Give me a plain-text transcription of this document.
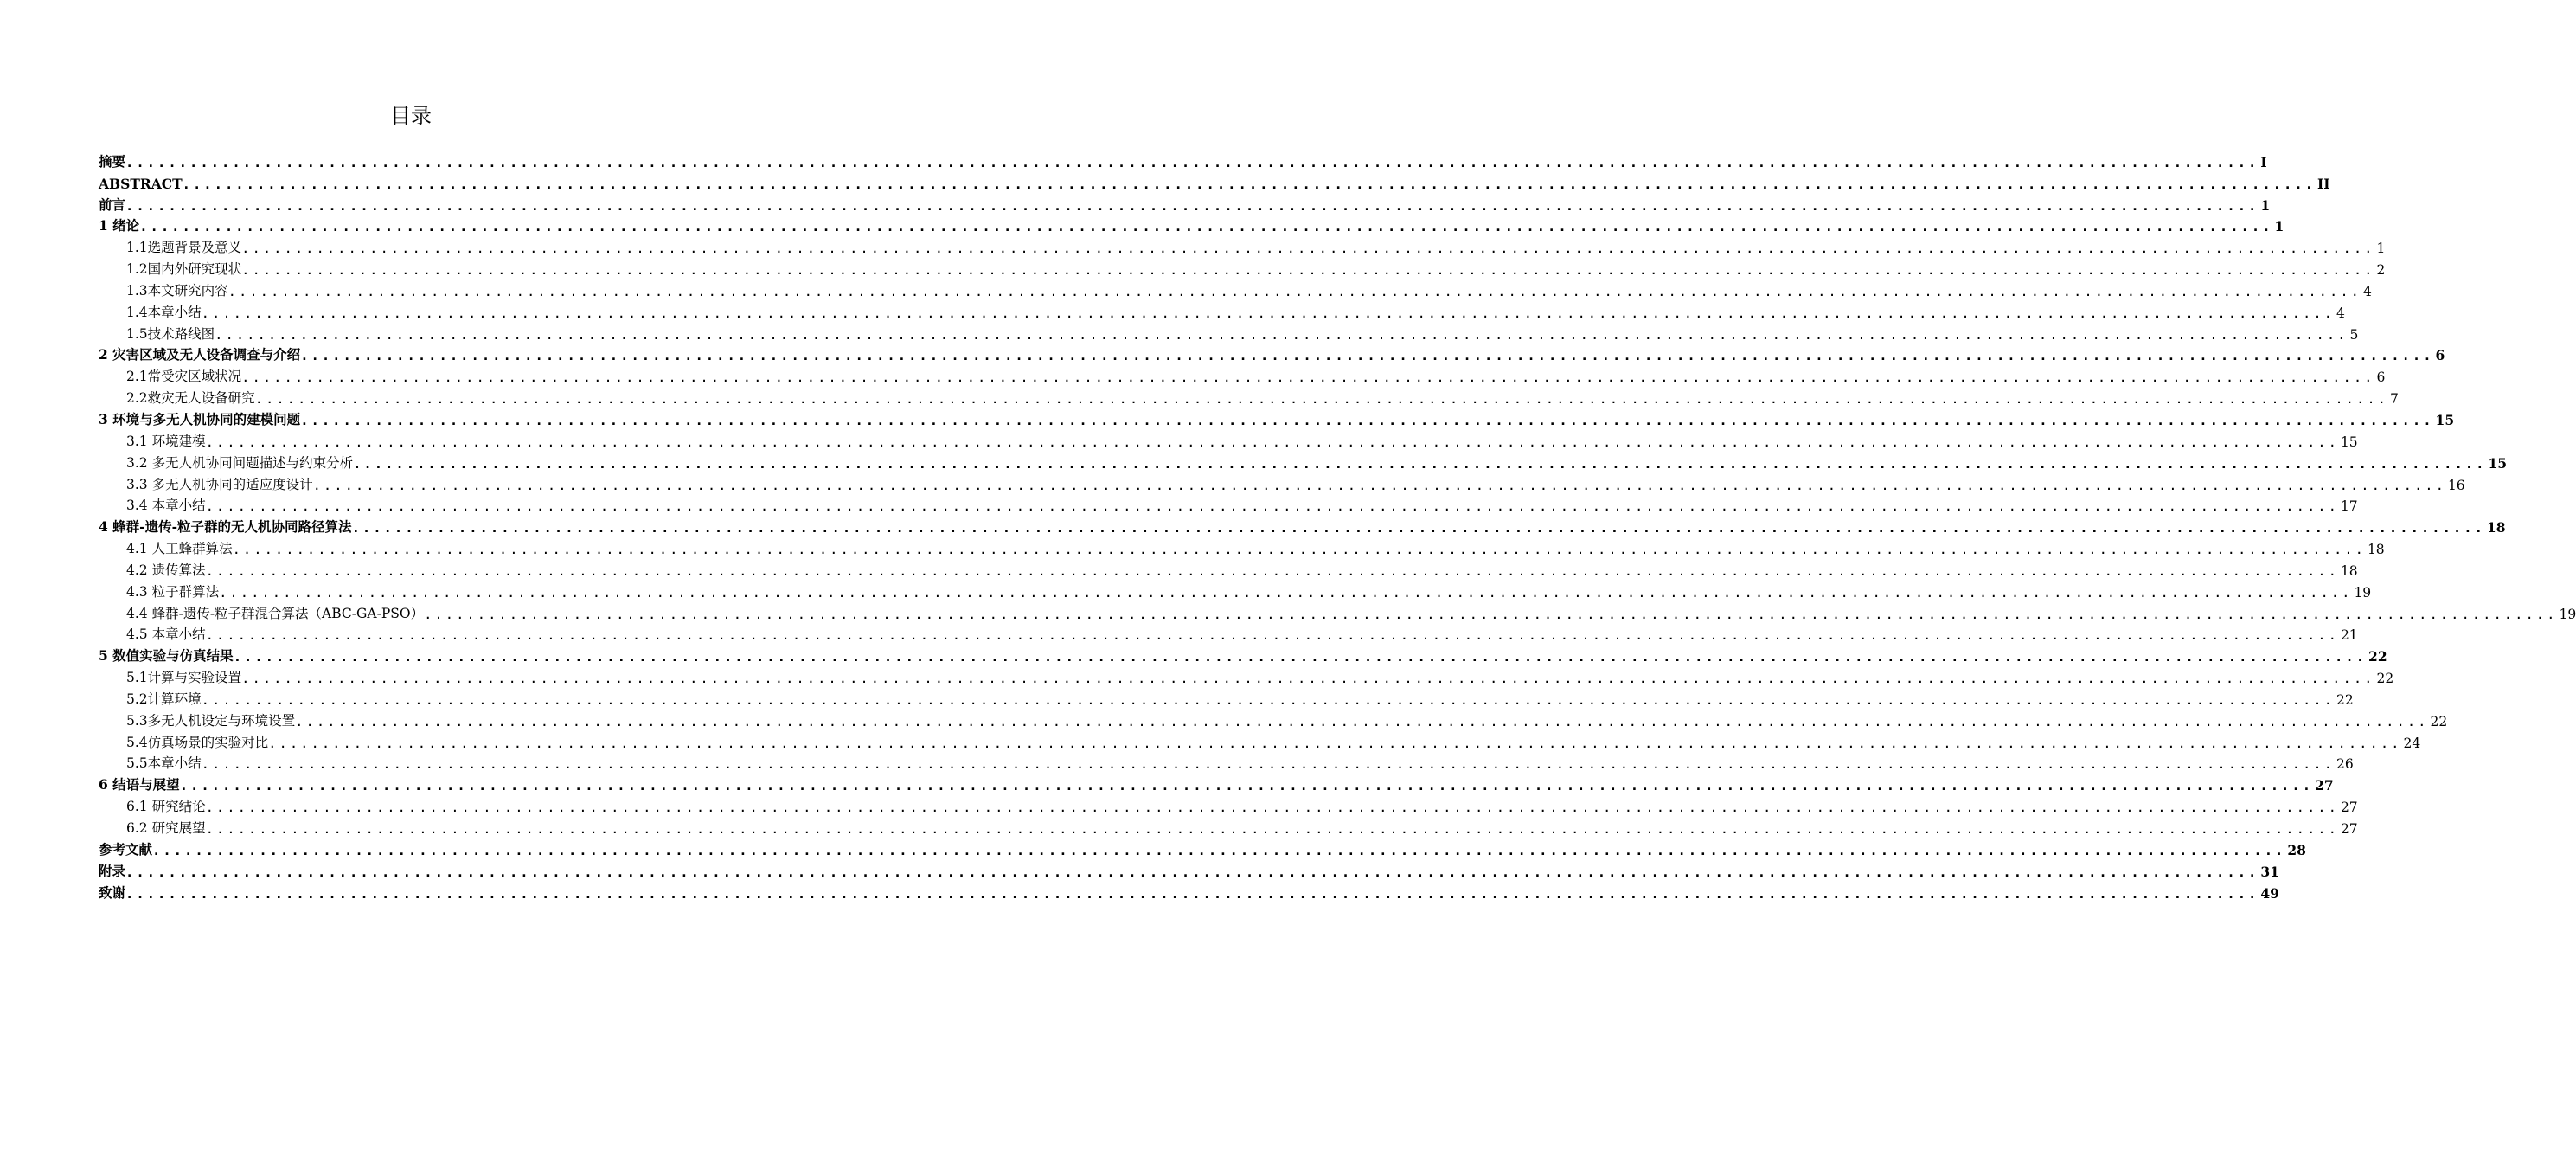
目录
摘要 ........................................................................................................................................................................................................ I
ABSTRACT ........................................................................................................................................................................................................ II
前言 ........................................................................................................................................................................................................ 1
1 绪论 ........................................................................................................................................................................................................ 1
1.1选题背景及意义 ........................................................................................................................................................................................................ 1
1.2国内外研究现状 ........................................................................................................................................................................................................ 2
1.3本文研究内容 ........................................................................................................................................................................................................ 4
1.4本章小结 ........................................................................................................................................................................................................ 4
1.5技术路线图 ........................................................................................................................................................................................................ 5
2 灾害区域及无人设备调查与介绍 ........................................................................................................................................................................................................ 6
2.1常受灾区域状况 ........................................................................................................................................................................................................ 6
2.2救灾无人设备研究 ........................................................................................................................................................................................................ 7
3 环境与多无人机协同的建模问题 ........................................................................................................................................................................................................ 15
3.1 环境建模 ........................................................................................................................................................................................................ 15
3.2 多无人机协同问题描述与约束分析 ........................................................................................................................................................................................................ 15
3.3 多无人机协同的适应度设计 ........................................................................................................................................................................................................ 16
3.4 本章小结 ........................................................................................................................................................................................................ 17
4 蜂群-遗传-粒子群的无人机协同路径算法 ........................................................................................................................................................................................................ 18
4.1 人工蜂群算法 ........................................................................................................................................................................................................ 18
4.2 遗传算法 ........................................................................................................................................................................................................ 18
4.3 粒子群算法 ........................................................................................................................................................................................................ 19
4.4 蜂群-遗传-粒子群混合算法（ABC-GA-PSO） ........................................................................................................................................................................................................ 19
4.5 本章小结 ........................................................................................................................................................................................................ 21
5 数值实验与仿真结果 ........................................................................................................................................................................................................ 22
5.1计算与实验设置 ........................................................................................................................................................................................................ 22
5.2计算环境 ........................................................................................................................................................................................................ 22
5.3多无人机设定与环境设置 ........................................................................................................................................................................................................ 22
5.4仿真场景的实验对比 ........................................................................................................................................................................................................ 24
5.5本章小结 ........................................................................................................................................................................................................ 26
6 结语与展望 ........................................................................................................................................................................................................ 27
6.1 研究结论 ........................................................................................................................................................................................................ 27
6.2 研究展望 ........................................................................................................................................................................................................ 27
参考文献 ........................................................................................................................................................................................................ 28
附录 ........................................................................................................................................................................................................ 31
致谢 ........................................................................................................................................................................................................ 49
